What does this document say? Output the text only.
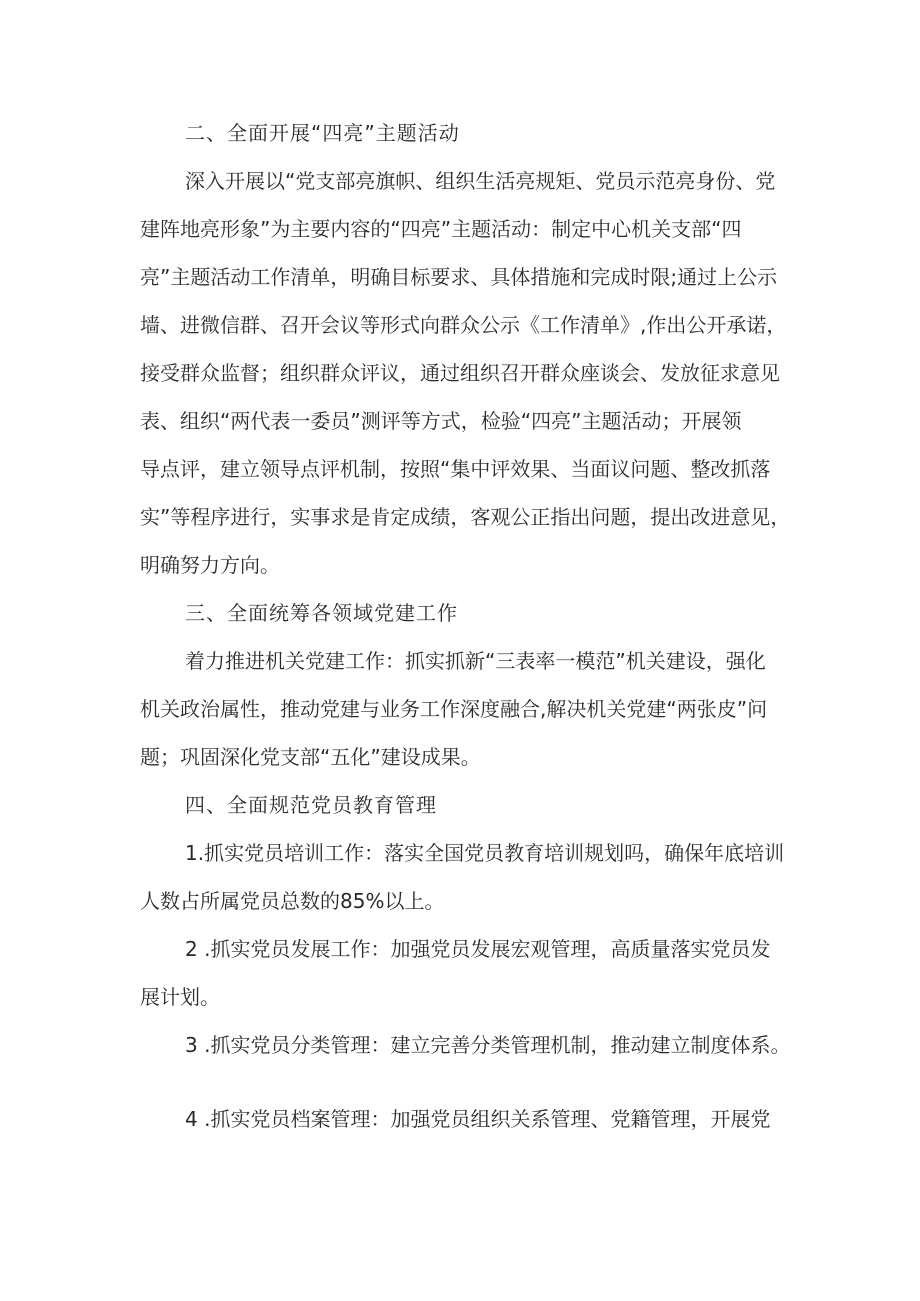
二、全面开展“四亮”主题活动
深入开展以“党支部亮旗帜、组织生活亮规矩、党员示范亮身份、党
建阵地亮形象”为主要内容的“四亮”主题活动：制定中心机关支部“四
亮”主题活动工作清单，明确目标要求、具体措施和完成时限;通过上公示
墙、进微信群、召开会议等形式向群众公示《工作清单》,作出公开承诺，
接受群众监督；组织群众评议，通过组织召开群众座谈会、发放征求意见
表、组织“两代表一委员”测评等方式，检验“四亮”主题活动；开展领
导点评，建立领导点评机制，按照“集中评效果、当面议问题、整改抓落
实”等程序进行，实事求是肯定成绩，客观公正指出问题，提出改进意见，
明确努力方向。
三、全面统筹各领域党建工作
着力推进机关党建工作：抓实抓新“三表率一模范”机关建设，强化
机关政治属性，推动党建与业务工作深度融合,解决机关党建“两张皮”问
题；巩固深化党支部“五化”建设成果。
四、全面规范党员教育管理
1.抓实党员培训工作：落实全国党员教育培训规划吗，确保年底培训
人数占所属党员总数的85%以上。
2 .抓实党员发展工作：加强党员发展宏观管理，高质量落实党员发
展计划。
3 .抓实党员分类管理：建立完善分类管理机制，推动建立制度体系。
4 .抓实党员档案管理：加强党员组织关系管理、党籍管理，开展党
